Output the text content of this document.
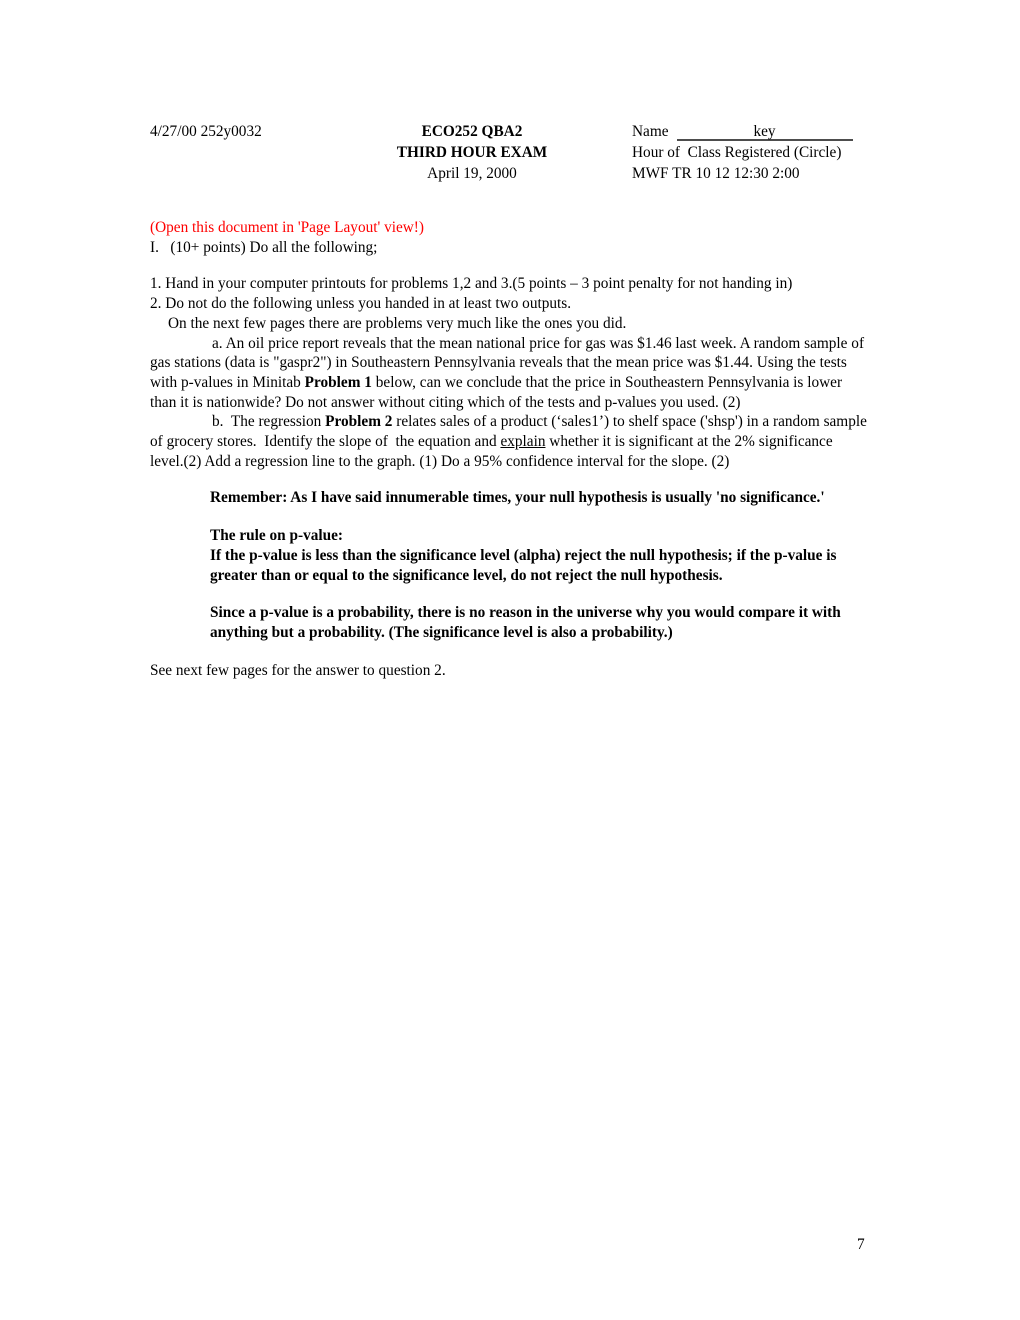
4/27/00 252y0032	ECO252 QBA2
THIRD HOUR EXAM
April 19, 2000
Name	key
Hour of  Class Registered (Circle)
MWF TR 10 12 12:30 2:00
(Open this document in 'Page Layout' view!)
I.   (10+ points) Do all the following;
1. Hand in your computer printouts for problems 1,2 and 3.(5 points – 3 point penalty for not handing in)
2. Do not do the following unless you handed in at least two outputs.
On the next few pages there are problems very much like the ones you did.
a. An oil price report reveals that the mean national price for gas was $1.46 last week. A random sample of gas stations (data is "gaspr2") in Southeastern Pennsylvania reveals that the mean price was $1.44. Using the tests with p-values in Minitab Problem 1 below, can we conclude that the price in Southeastern Pennsylvania is lower than it is nationwide? Do not answer without citing which of the tests and p-values you used. (2)
b.  The regression Problem 2 relates sales of a product (‘sales1’) to shelf space ('shsp') in a random sample of grocery stores.  Identify the slope of  the equation and explain whether it is significant at the 2% significance level.(2) Add a regression line to the graph. (1) Do a 95% confidence interval for the slope. (2)
Remember: As I have said innumerable times, your null hypothesis is usually 'no significance.'
The rule on p-value:
If the p-value is less than the significance level (alpha) reject the null hypothesis; if the p-value is greater than or equal to the significance level, do not reject the null hypothesis.
Since a p-value is a probability, there is no reason in the universe why you would compare it with anything but a probability. (The significance level is also a probability.)
See next few pages for the answer to question 2.
7
